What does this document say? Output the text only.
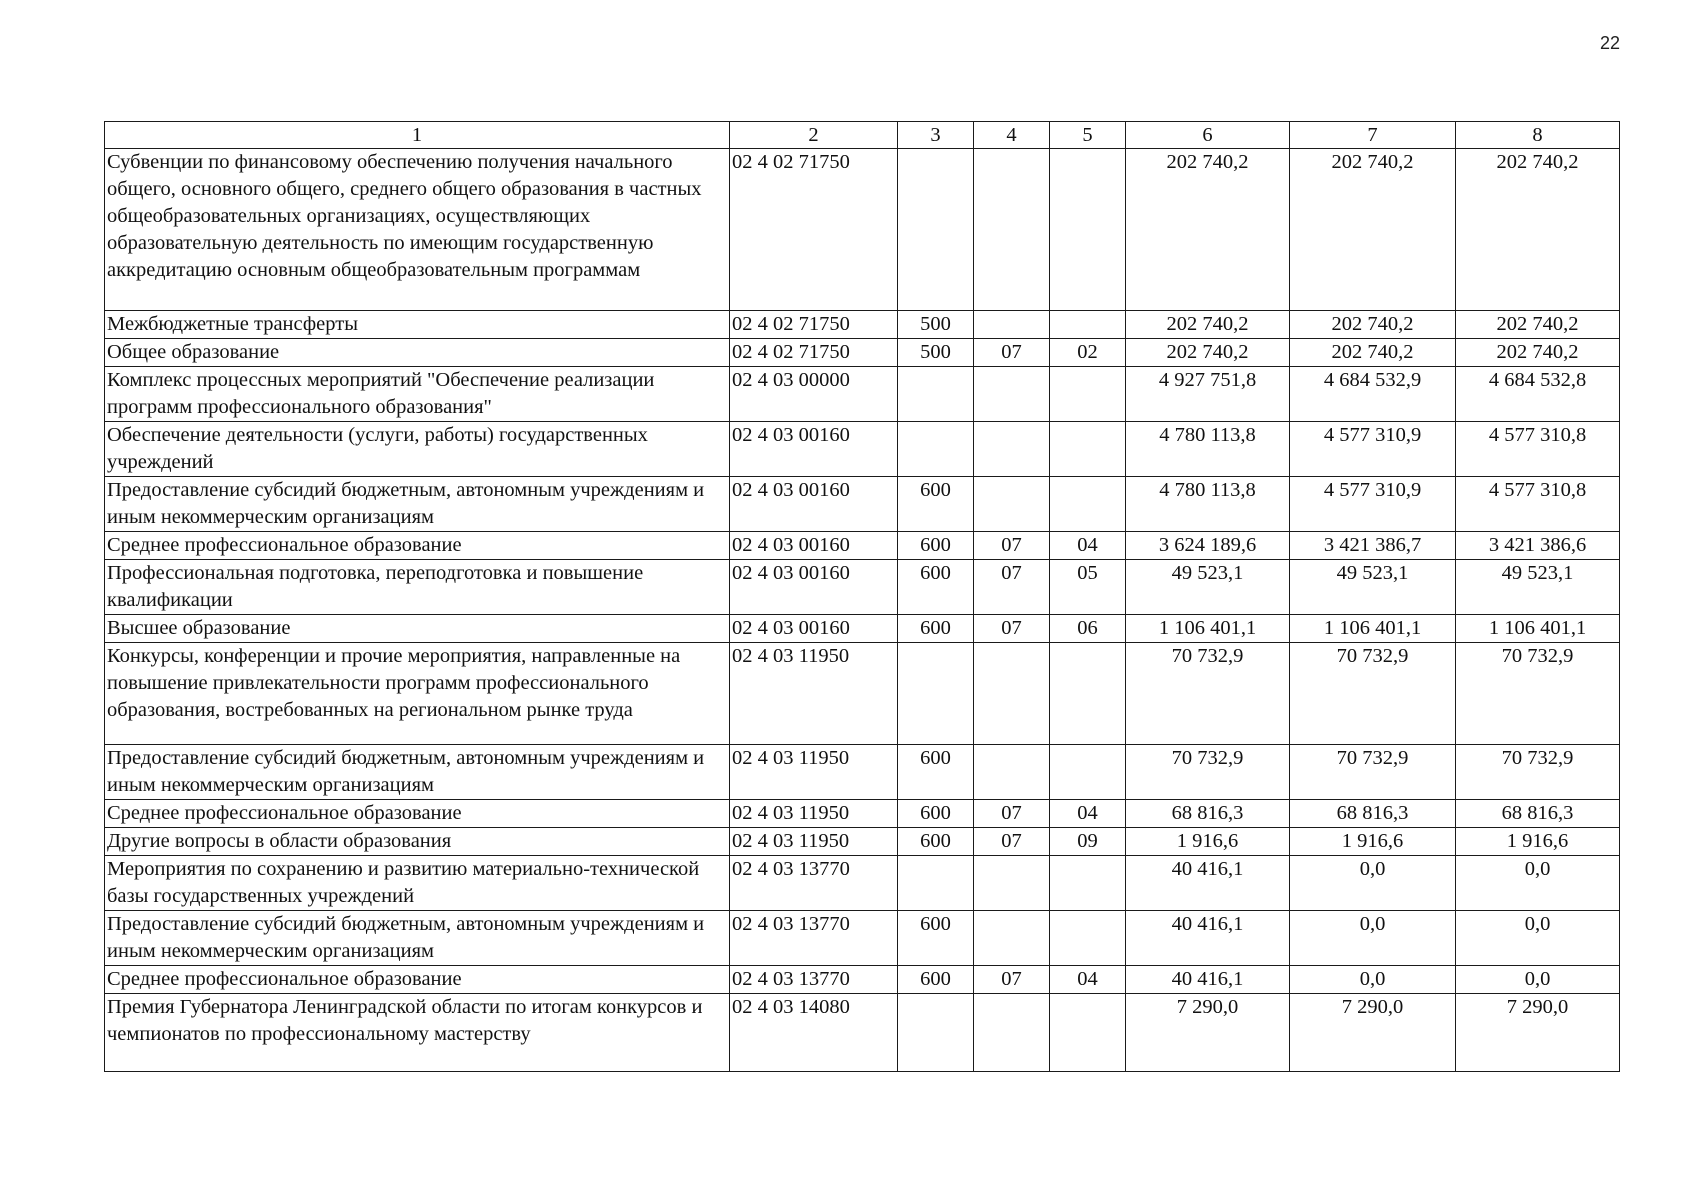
22
1	2	3	4	5	6	7	8
Субвенции по финансовому обеспечению получения начального общего, основного общего, среднего общего образования в частных общеобразовательных организациях, осуществляющих образовательную деятельность по имеющим государственную аккредитацию основным общеобразовательным программам	02 4 02 71750				202 740,2	202 740,2	202 740,2
Межбюджетные трансферты	02 4 02 71750	500			202 740,2	202 740,2	202 740,2
Общее образование	02 4 02 71750	500	07	02	202 740,2	202 740,2	202 740,2
Комплекс процессных мероприятий "Обеспечение реализации программ профессионального образования"	02 4 03 00000				4 927 751,8	4 684 532,9	4 684 532,8
Обеспечение деятельности (услуги, работы) государственных учреждений	02 4 03 00160				4 780 113,8	4 577 310,9	4 577 310,8
Предоставление субсидий бюджетным, автономным учреждениям и иным некоммерческим организациям	02 4 03 00160	600			4 780 113,8	4 577 310,9	4 577 310,8
Среднее профессиональное образование	02 4 03 00160	600	07	04	3 624 189,6	3 421 386,7	3 421 386,6
Профессиональная подготовка, переподготовка и повышение квалификации	02 4 03 00160	600	07	05	49 523,1	49 523,1	49 523,1
Высшее образование	02 4 03 00160	600	07	06	1 106 401,1	1 106 401,1	1 106 401,1
Конкурсы, конференции и прочие мероприятия, направленные на повышение привлекательности программ профессионального образования, востребованных на региональном рынке труда	02 4 03 11950				70 732,9	70 732,9	70 732,9
Предоставление субсидий бюджетным, автономным учреждениям и иным некоммерческим организациям	02 4 03 11950	600			70 732,9	70 732,9	70 732,9
Среднее профессиональное образование	02 4 03 11950	600	07	04	68 816,3	68 816,3	68 816,3
Другие вопросы в области образования	02 4 03 11950	600	07	09	1 916,6	1 916,6	1 916,6
Мероприятия по сохранению и развитию материально-технической базы государственных учреждений	02 4 03 13770				40 416,1	0,0	0,0
Предоставление субсидий бюджетным, автономным учреждениям и иным некоммерческим организациям	02 4 03 13770	600			40 416,1	0,0	0,0
Среднее профессиональное образование	02 4 03 13770	600	07	04	40 416,1	0,0	0,0
Премия Губернатора Ленинградской области по итогам конкурсов и чемпионатов по профессиональному мастерству	02 4 03 14080				7 290,0	7 290,0	7 290,0
